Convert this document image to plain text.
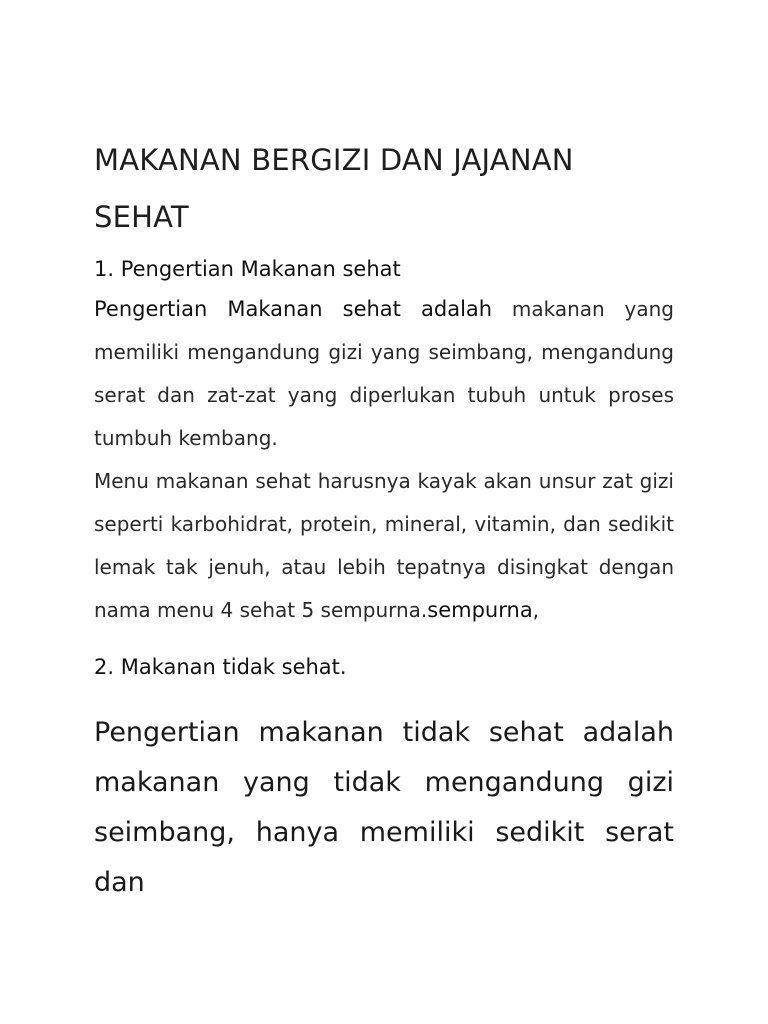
MAKANAN BERGIZI DAN JAJANAN SEHAT
1. Pengertian Makanan sehat

Pengertian Makanan sehat adalah makanan yang memiliki mengandung gizi yang seimbang, mengandung serat dan zat-zat yang diperlukan tubuh untuk proses tumbuh kembang.

Menu makanan sehat harusnya kayak akan unsur zat gizi seperti karbohidrat, protein, mineral, vitamin, dan sedikit lemak tak jenuh, atau lebih tepatnya disingkat dengan nama menu 4 sehat 5 sempurna.sempurna,

2. Makanan tidak sehat.

Pengertian makanan tidak sehat adalah makanan yang tidak mengandung gizi seimbang, hanya memiliki sedikit serat dan
